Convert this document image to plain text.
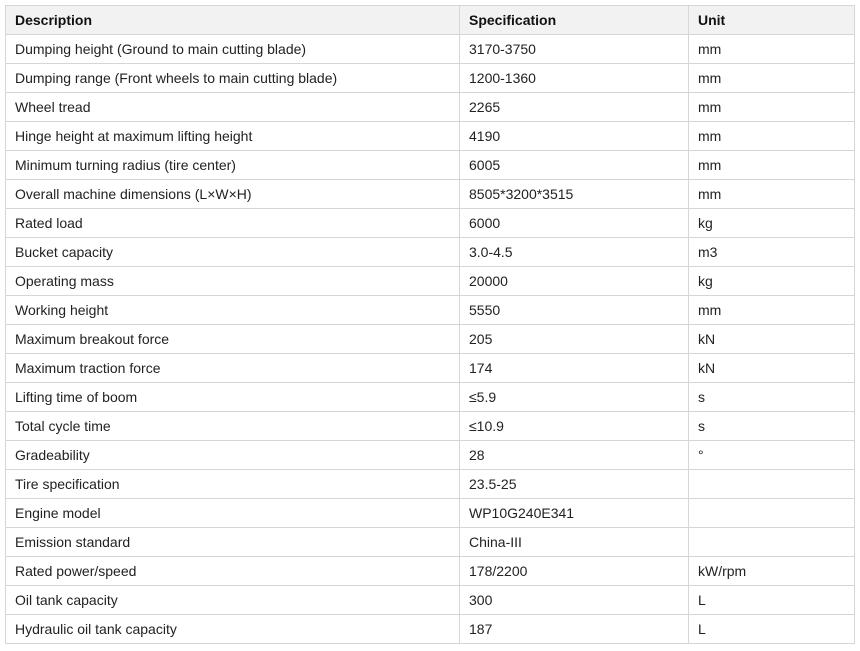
Description	Specification	Unit
Dumping height (Ground to main cutting blade)	3170-3750	mm
Dumping range (Front wheels to main cutting blade)	1200-1360	mm
Wheel tread	2265	mm
Hinge height at maximum lifting height	4190	mm
Minimum turning radius (tire center)	6005	mm
Overall machine dimensions (L×W×H)	8505*3200*3515	mm
Rated load	6000	kg
Bucket capacity	3.0-4.5	m3
Operating mass	20000	kg
Working height	5550	mm
Maximum breakout force	205	kN
Maximum traction force	174	kN
Lifting time of boom	≤5.9	s
Total cycle time	≤10.9	s
Gradeability	28	°
Tire specification	23.5-25	
Engine model	WP10G240E341	
Emission standard	China-III	
Rated power/speed	178/2200	kW/rpm
Oil tank capacity	300	L
Hydraulic oil tank capacity	187	L
